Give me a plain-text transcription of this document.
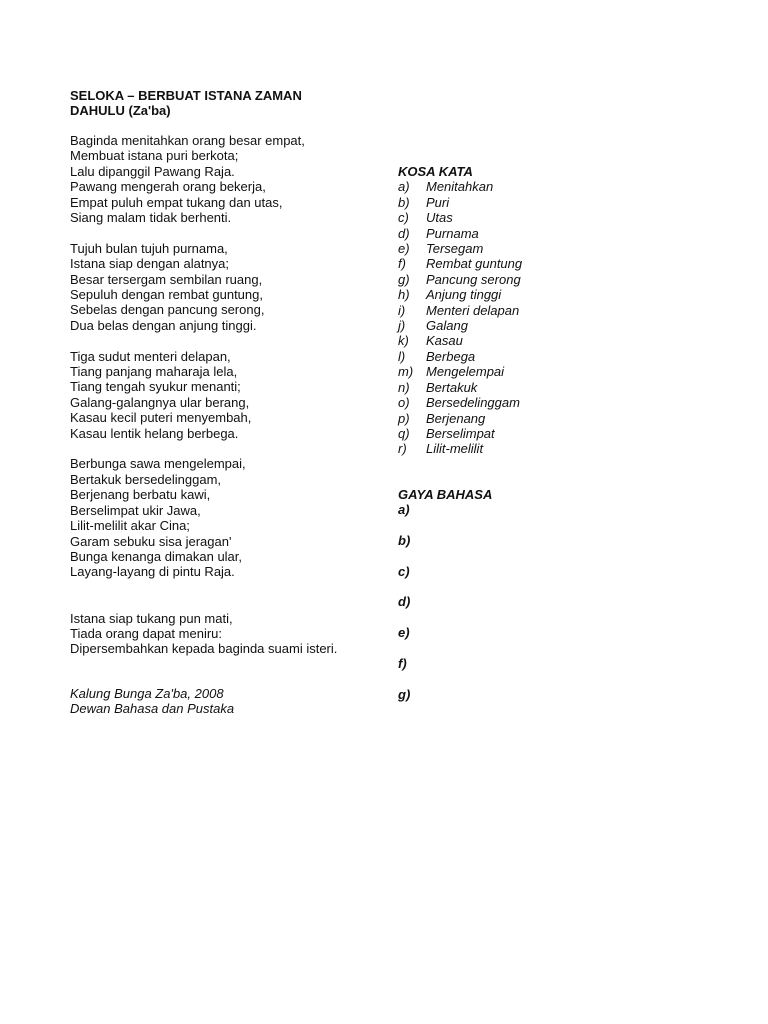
SELOKA – BERBUAT ISTANA ZAMAN
DAHULU (Za'ba)
Baginda menitahkan orang besar empat,
Membuat istana puri berkota;
Lalu dipanggil Pawang Raja.
Pawang mengerah orang bekerja,
Empat puluh empat tukang dan utas,
Siang malam tidak berhenti.
Tujuh bulan tujuh purnama,
Istana siap dengan alatnya;
Besar tersergam sembilan ruang,
Sepuluh dengan rembat guntung,
Sebelas dengan pancung serong,
Dua belas dengan anjung tinggi.
Tiga sudut menteri delapan,
Tiang panjang maharaja lela,
Tiang tengah syukur menanti;
Galang-galangnya ular berang,
Kasau kecil puteri menyembah,
Kasau lentik helang berbega.
Berbunga sawa mengelempai,
Bertakuk bersedelinggam,
Berjenang berbatu kawi,
Berselimpat ukir Jawa,
Lilit-melilit akar Cina;
Garam sebuku sisa jeragan'
Bunga kenanga dimakan ular,
Layang-layang di pintu Raja.
Istana siap tukang pun mati,
Tiada orang dapat meniru:
Dipersembahkan kepada baginda suami isteri.
Kalung Bunga Za'ba, 2008
Dewan Bahasa dan Pustaka
KOSA KATA
a) Menitahkan
b) Puri
c) Utas
d) Purnama
e) Tersegam
f) Rembat guntung
g) Pancung serong
h) Anjung tinggi
i) Menteri delapan
j) Galang
k) Kasau
l) Berbega
m) Mengelempai
n) Bertakuk
o) Bersedelinggam
p) Berjenang
q) Berselimpat
r) Lilit-melilit
GAYA BAHASA
a)
b)
c)
d)
e)
f)
g)
